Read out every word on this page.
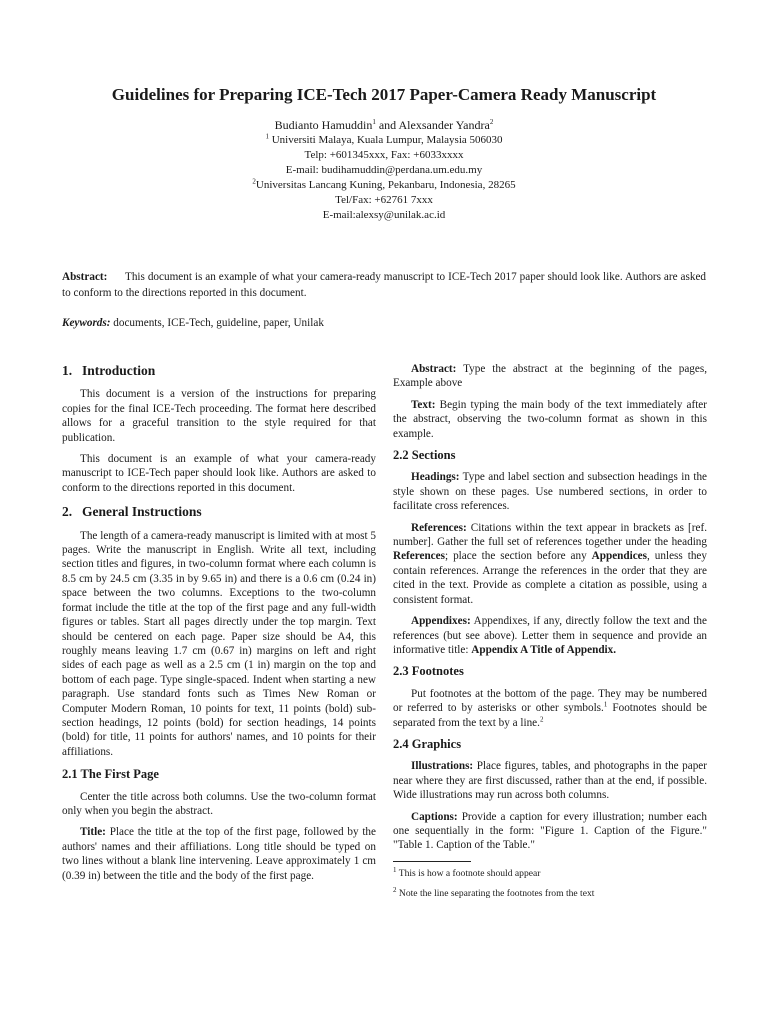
Guidelines for Preparing ICE-Tech 2017 Paper-Camera Ready Manuscript
Budianto Hamuddin$^1$ and Alexsander Yandra$^2$
$^1$ Universiti Malaya, Kuala Lumpur, Malaysia 506030
Telp: +601345xxx, Fax: +6033xxxx
E-mail: budihamuddin@perdana.um.edu.my
$^2$Universitas Lancang Kuning, Pekanbaru, Indonesia, 28265
Tel/Fax: +62761 7xxx
E-mail:alexsy@unilak.ac.id
Abstract: This document is an example of what your camera-ready manuscript to ICE-Tech 2017 paper should look like. Authors are asked to conform to the directions reported in this document.
Keywords: documents, ICE-Tech, guideline, paper, Unilak
1. Introduction

This document is a version of the instructions for preparing copies for the final ICE-Tech proceeding. The format here described allows for a graceful transition to the style required for that publication.

This document is an example of what your camera-ready manuscript to ICE-Tech paper should look like. Authors are asked to conform to the directions reported in this document.

2. General Instructions

The length of a camera-ready manuscript is limited with at most 5 pages. Write the manuscript in English. Write all text, including section titles and figures, in two-column format where each column is 8.5 cm by 24.5 cm (3.35 in by 9.65 in) and there is a 0.6 cm (0.24 in) space between the two columns. Exceptions to the two-column format include the title at the top of the first page and any full-width figures or tables. Start all pages directly under the top margin. Text should be centered on each page. Paper size should be A4, this roughly means leaving 1.7 cm (0.67 in) margins on left and right sides of each page as well as a 2.5 cm (1 in) margin on the top and bottom of each page. Type single-spaced. Indent when starting a new paragraph. Use standard fonts such as Times New Roman or Computer Modern Roman, 10 points for text, 11 points (bold) sub-section headings, 12 points (bold) for section headings, 14 points (bold) for title, 11 points for authors' names, and 10 points for their affiliations.

2.1 The First Page

Center the title across both columns. Use the two-column format only when you begin the abstract.

Title: Place the title at the top of the first page, followed by the authors' names and their affiliations. Long title should be typed on two lines without a blank line intervening. Leave approximately 1 cm (0.39 in) between the title and the body of the first page.

Abstract: Type the abstract at the beginning of the pages, Example above

Text: Begin typing the main body of the text immediately after the abstract, observing the two-column format as shown in this example.

2.2 Sections

Headings: Type and label section and subsection headings in the style shown on these pages. Use numbered sections, in order to facilitate cross references.

References: Citations within the text appear in brackets as [ref. number]. Gather the full set of references together under the heading References; place the section before any Appendices, unless they contain references. Arrange the references in the order that they are cited in the text. Provide as complete a citation as possible, using a consistent format.

Appendixes: Appendixes, if any, directly follow the text and the references (but see above). Letter them in sequence and provide an informative title: Appendix A Title of Appendix.

2.3 Footnotes

Put footnotes at the bottom of the page. They may be numbered or referred to by asterisks or other symbols.$^1$ Footnotes should be separated from the text by a line.$^2$

2.4 Graphics

Illustrations: Place figures, tables, and photographs in the paper near where they are first discussed, rather than at the end, if possible. Wide illustrations may run across both columns.

Captions: Provide a caption for every illustration; number each one sequentially in the form: "Figure 1. Caption of the Figure." "Table 1. Caption of the Table."

$^1$ This is how a footnote should appear
$^2$ Note the line separating the footnotes from the text
